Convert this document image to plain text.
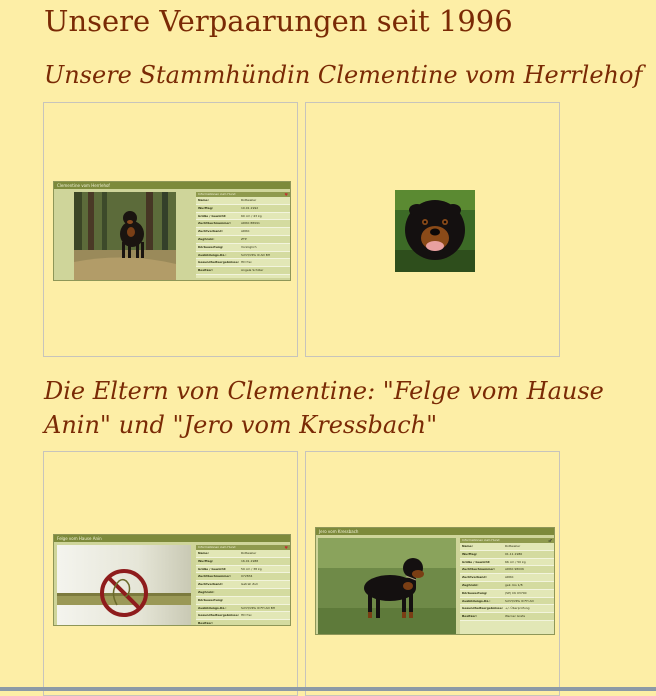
Unsere Verpaarungen seit 1996
Unsere Stammhündin Clementine vom Herrlehof
Clementine vom Herrlehof
Informationen zum Hund	♥
Name:	Rottweiler
Wurftag:	10.01.1992
Größe / Gewicht:	60 cm / 43 kg
Zuchtbuchnummer:	ADRK 88991
Zuchtverband:	ADRK
Zughrein:	ZTP
Körbewertung:	Vorzüglich
Ausbildungs-Kz.:	SchH/VPG III AD BH
Gesundheitsergebnisse: HD frei
Besitzer:	Angela Schiller
Die Eltern von Clementine: "Felge vom Hause Anin" und "Jero vom Kressbach"
Felge vom Hause Anin
Informationen zum Hund	♥
Name:	Rottweiler
Wurftag:	16.01.1988
Größe / Gewicht:	59 cm / 38 kg
Zuchtbuchnummer:	072834
Zuchtverband:	Getrah Zuh
Zughrein:
Körbewertung:
Ausbildungs-Kz.:	SchH/VPG III FH AD BH
Gesundheitsergebnisse: HD frei
Besitzer:
Jero vom Kressbach
Informationen zum Hund	♂
Name:	Rottweiler
Wurftag:	01.11.1986
Größe / Gewicht:	66 cm / 50 kg
Zuchtbuchnummer:	ADRK 98006
Zuchtverband:	ADRK
Zughrein:	gek. bis 1/8
Körbewertung:	(SP) CK 03700
Ausbildungs-Kz.:	SchH/VPG III FH AD
Gesundheitsergebnisse: +/- Überprüfung
Besitzer:	Werner Grafe
